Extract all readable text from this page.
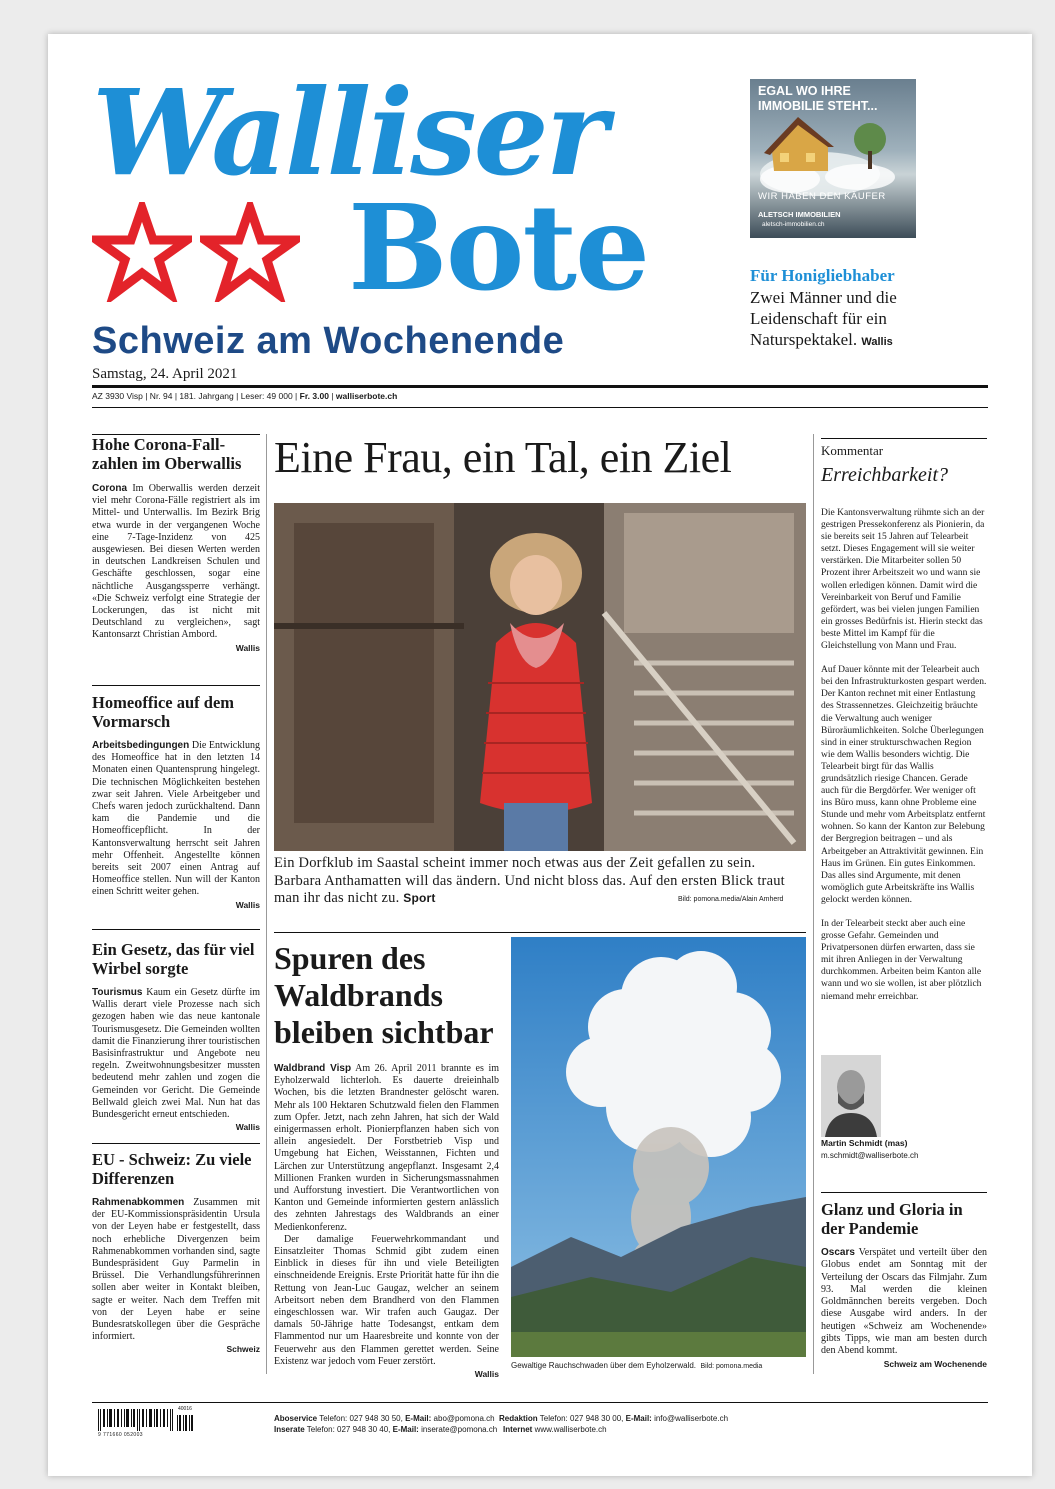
Walliser
Bote
Schweiz am Wochenende
Samstag, 24. April 2021
AZ 3930 Visp | Nr. 94 | 181. Jahrgang | Leser: 49 000 | Fr. 3.00 | walliserbote.ch
EGAL WO IHRE IMMOBILIE STEHT...
WIR HABEN DEN KÄUFER
ALETSCH IMMOBILIEN
aletsch-immobilien.ch
Für Honigliebhaber
Zwei Männer und die Leidenschaft für ein Naturspektakel. Wallis
Hohe Corona-Fall-zahlen im Oberwallis
Corona Im Oberwallis werden derzeit viel mehr Corona-Fälle registriert als im Mittel- und Unterwallis. Im Bezirk Brig etwa wurde in der vergangenen Woche eine 7-Tage-Inzidenz von 425 ausgewiesen. Bei diesen Werten werden in deutschen Landkreisen Schulen und Geschäfte geschlossen, sogar eine nächtliche Ausgangssperre verhängt. «Die Schweiz verfolgt eine Strategie der Lockerungen, das ist nicht mit Deutschland zu vergleichen», sagt Kantonsarzt Christian Ambord.
Wallis
Homeoffice auf dem Vormarsch
Arbeitsbedingungen Die Entwicklung des Homeoffice hat in den letzten 14 Monaten einen Quantensprung hingelegt. Die technischen Möglichkeiten bestehen zwar seit Jahren. Viele Arbeitgeber und Chefs waren jedoch zurückhaltend. Dann kam die Pandemie und die Homeofficepflicht. In der Kantonsverwaltung herrscht seit Jahren mehr Offenheit. Angestellte können bereits seit 2007 einen Antrag auf Homeoffice stellen. Nun will der Kanton einen Schritt weiter gehen.
Wallis
Ein Gesetz, das für viel Wirbel sorgte
Tourismus Kaum ein Gesetz dürfte im Wallis derart viele Prozesse nach sich gezogen haben wie das neue kantonale Tourismusgesetz. Die Gemeinden wollten damit die Finanzierung ihrer touristischen Basisinfrastruktur und Angebote neu regeln. Zweitwohnungsbesitzer mussten bedeutend mehr zahlen und zogen die Gemeinden vor Gericht. Die Gemeinde Bellwald gleich zwei Mal. Nun hat das Bundesgericht erneut entschieden.
Wallis
EU - Schweiz: Zu viele Differenzen
Rahmenabkommen Zusammen mit der EU-Kommissionspräsidentin Ursula von der Leyen habe er festgestellt, dass noch erhebliche Divergenzen beim Rahmenabkommen vorhanden sind, sagte Bundespräsident Guy Parmelin in Brüssel. Die Verhandlungsführerinnen sollen aber weiter in Kontakt bleiben, sagte er weiter. Nach dem Treffen mit von der Leyen habe er seine Bundesratskollegen über die Gespräche informiert.
Schweiz
Eine Frau, ein Tal, ein Ziel
Ein Dorfklub im Saastal scheint immer noch etwas aus der Zeit gefallen zu sein. Barbara Anthamatten will das ändern. Und nicht bloss das. Auf den ersten Blick traut man ihr das nicht zu. Sport	Bild: pomona.media/Alain Amherd
Spuren des Waldbrands bleiben sichtbar
Waldbrand Visp Am 26. April 2011 brannte es im Eyholzerwald lichterloh. Es dauerte dreieinhalb Wochen, bis die letzten Brandnester gelöscht waren. Mehr als 100 Hektaren Schutzwald fielen den Flammen zum Opfer. Jetzt, nach zehn Jahren, hat sich der Wald einigermassen erholt. Pionierpflanzen haben sich von allein angesiedelt. Der Forstbetrieb Visp und Umgebung hat Eichen, Weisstannen, Fichten und Lärchen zur Unterstützung angepflanzt. Insgesamt 2,4 Millionen Franken wurden in Sicherungsmassnahmen und Aufforstung investiert. Die Verantwortlichen von Kanton und Gemeinde informierten gestern anlässlich des zehnten Jahrestags des Waldbrands an einer Medienkonferenz.
Der damalige Feuerwehrkommandant und Einsatzleiter Thomas Schmid gibt zudem einen Einblick in dieses für ihn und viele Beteiligten einschneidende Ereignis. Erste Priorität hatte für ihn die Rettung von Jean-Luc Gaugaz, welcher an seinem Arbeitsort neben dem Brandherd von den Flammen eingeschlossen war. Wir trafen auch Gaugaz. Der damals 50-Jährige hatte Todesangst, entkam dem Flammentod nur um Haaresbreite und konnte von der Feuerwehr aus den Flammen gerettet werden. Seine Existenz war jedoch vom Feuer zerstört.
Wallis
Gewaltige Rauchschwaden über dem Eyholzerwald. Bild: pomona.media
Kommentar
Erreichbarkeit?

Die Kantonsverwaltung rühmte sich an der gestrigen Pressekonferenz als Pionierin, da sie bereits seit 15 Jahren auf Telearbeit setzt. Dieses Engagement will sie weiter verstärken. Die Mitarbeiter sollen 50 Prozent ihrer Arbeitszeit wo und wann sie wollen erledigen können. Damit wird die Vereinbarkeit von Beruf und Familie gefördert, was bei vielen jungen Familien ein grosses Bedürfnis ist. Hierin steckt das beste Mittel im Kampf für die Gleichstellung von Mann und Frau.

Auf Dauer könnte mit der Telearbeit auch bei den Infrastrukturkosten gespart werden. Der Kanton rechnet mit einer Entlastung des Strassennetzes. Gleichzeitig bräuchte die Verwaltung auch weniger Büroräumlichkeiten. Solche Überlegungen sind in einer strukturschwachen Region wie dem Wallis besonders wichtig. Die Telearbeit birgt für das Wallis grundsätzlich riesige Chancen. Gerade auch für die Bergdörfer. Wer weniger oft ins Büro muss, kann ohne Probleme eine Stunde und mehr vom Arbeitsplatz entfernt wohnen. So kann der Kanton zur Belebung der Bergregion beitragen – und als Arbeitgeber an Attraktivität gewinnen. Ein Haus im Grünen. Ein gutes Einkommen. Das alles sind Argumente, mit denen womöglich gute Arbeitskräfte ins Wallis gelockt werden können.

In der Telearbeit steckt aber auch eine grosse Gefahr. Gemeinden und Privatpersonen dürfen erwarten, dass sie mit ihren Anliegen in der Verwaltung durchkommen. Arbeiten beim Kanton alle wann und wo sie wollen, ist aber plötzlich niemand mehr erreichbar.

Martin Schmidt (mas)
m.schmidt@walliserbote.ch
Glanz und Gloria in der Pandemie
Oscars Verspätet und verteilt über den Globus endet am Sonntag mit der Verteilung der Oscars das Filmjahr. Zum 93. Mal werden die kleinen Goldmännchen bereits vergeben. Doch diese Ausgabe wird anders. In der heutigen «Schweiz am Wochenende» gibts Tipps, wie man am besten durch den Abend kommt.
Schweiz am Wochenende
9 771660 052003
40016
Aboservice Telefon: 027 948 30 50, E-Mail: abo@pomona.ch Redaktion Telefon: 027 948 30 00, E-Mail: info@walliserbote.ch
Inserate Telefon: 027 948 30 40, E-Mail: inserate@pomona.ch Internet www.walliserbote.ch
